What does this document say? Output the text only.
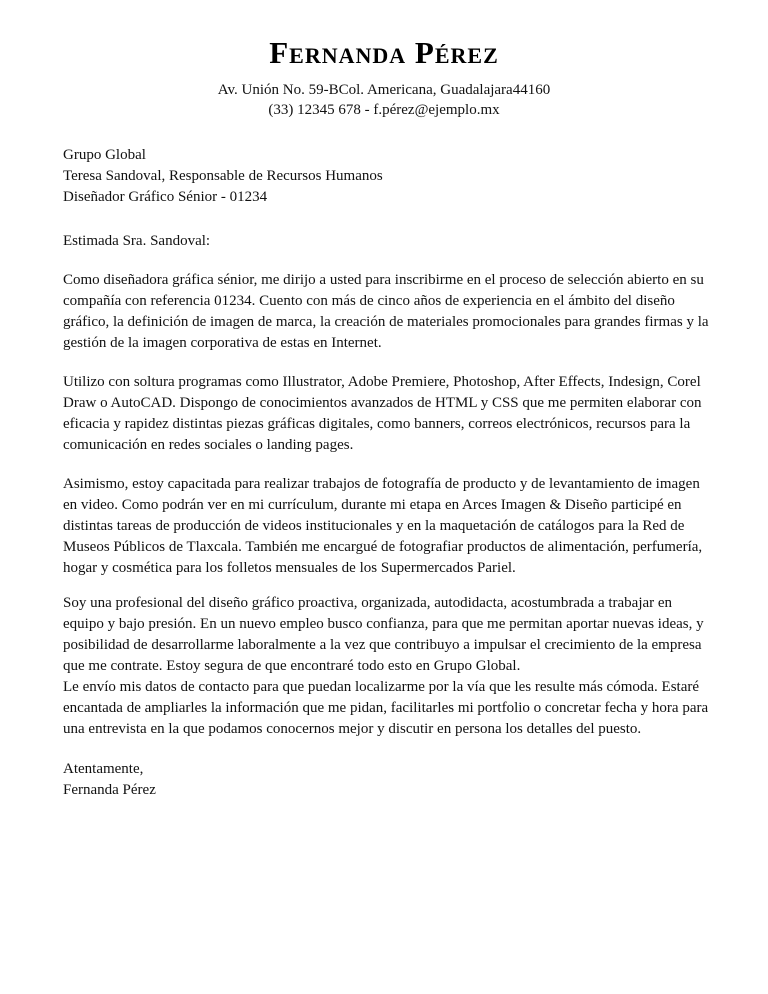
Fernanda Pérez
Av. Unión No. 59-BCol. Americana, Guadalajara44160
(33) 12345 678 - f.pérez@ejemplo.mx
Grupo Global
Teresa Sandoval, Responsable de Recursos Humanos
Diseñador Gráfico Sénior - 01234
Estimada Sra. Sandoval:

Como diseñadora gráfica sénior, me dirijo a usted para inscribirme en el proceso de selección abierto en su compañía con referencia 01234. Cuento con más de cinco años de experiencia en el ámbito del diseño gráfico, la definición de imagen de marca, la creación de materiales promocionales para grandes firmas y la gestión de la imagen corporativa de estas en Internet.

Utilizo con soltura programas como Illustrator, Adobe Premiere, Photoshop, After Effects, Indesign, Corel Draw o AutoCAD. Dispongo de conocimientos avanzados de HTML y CSS que me permiten elaborar con eficacia y rapidez distintas piezas gráficas digitales, como banners, correos electrónicos, recursos para la comunicación en redes sociales o landing pages.

Asimismo, estoy capacitada para realizar trabajos de fotografía de producto y de levantamiento de imagen en video. Como podrán ver en mi currículum, durante mi etapa en Arces Imagen & Diseño participé en distintas tareas de producción de videos institucionales y en la maquetación de catálogos para la Red de Museos Públicos de Tlaxcala. También me encargué de fotografiar productos de alimentación, perfumería, hogar y cosmética para los folletos mensuales de los Supermercados Pariel.

Soy una profesional del diseño gráfico proactiva, organizada, autodidacta, acostumbrada a trabajar en equipo y bajo presión. En un nuevo empleo busco confianza, para que me permitan aportar nuevas ideas, y posibilidad de desarrollarme laboralmente a la vez que contribuyo a impulsar el crecimiento de la empresa que me contrate. Estoy segura de que encontraré todo esto en Grupo Global.

Le envío mis datos de contacto para que puedan localizarme por la vía que les resulte más cómoda. Estaré encantada de ampliarles la información que me pidan, facilitarles mi portfolio o concretar fecha y hora para una entrevista en la que podamos conocernos mejor y discutir en persona los detalles del puesto.

Atentamente,
Fernanda Pérez
